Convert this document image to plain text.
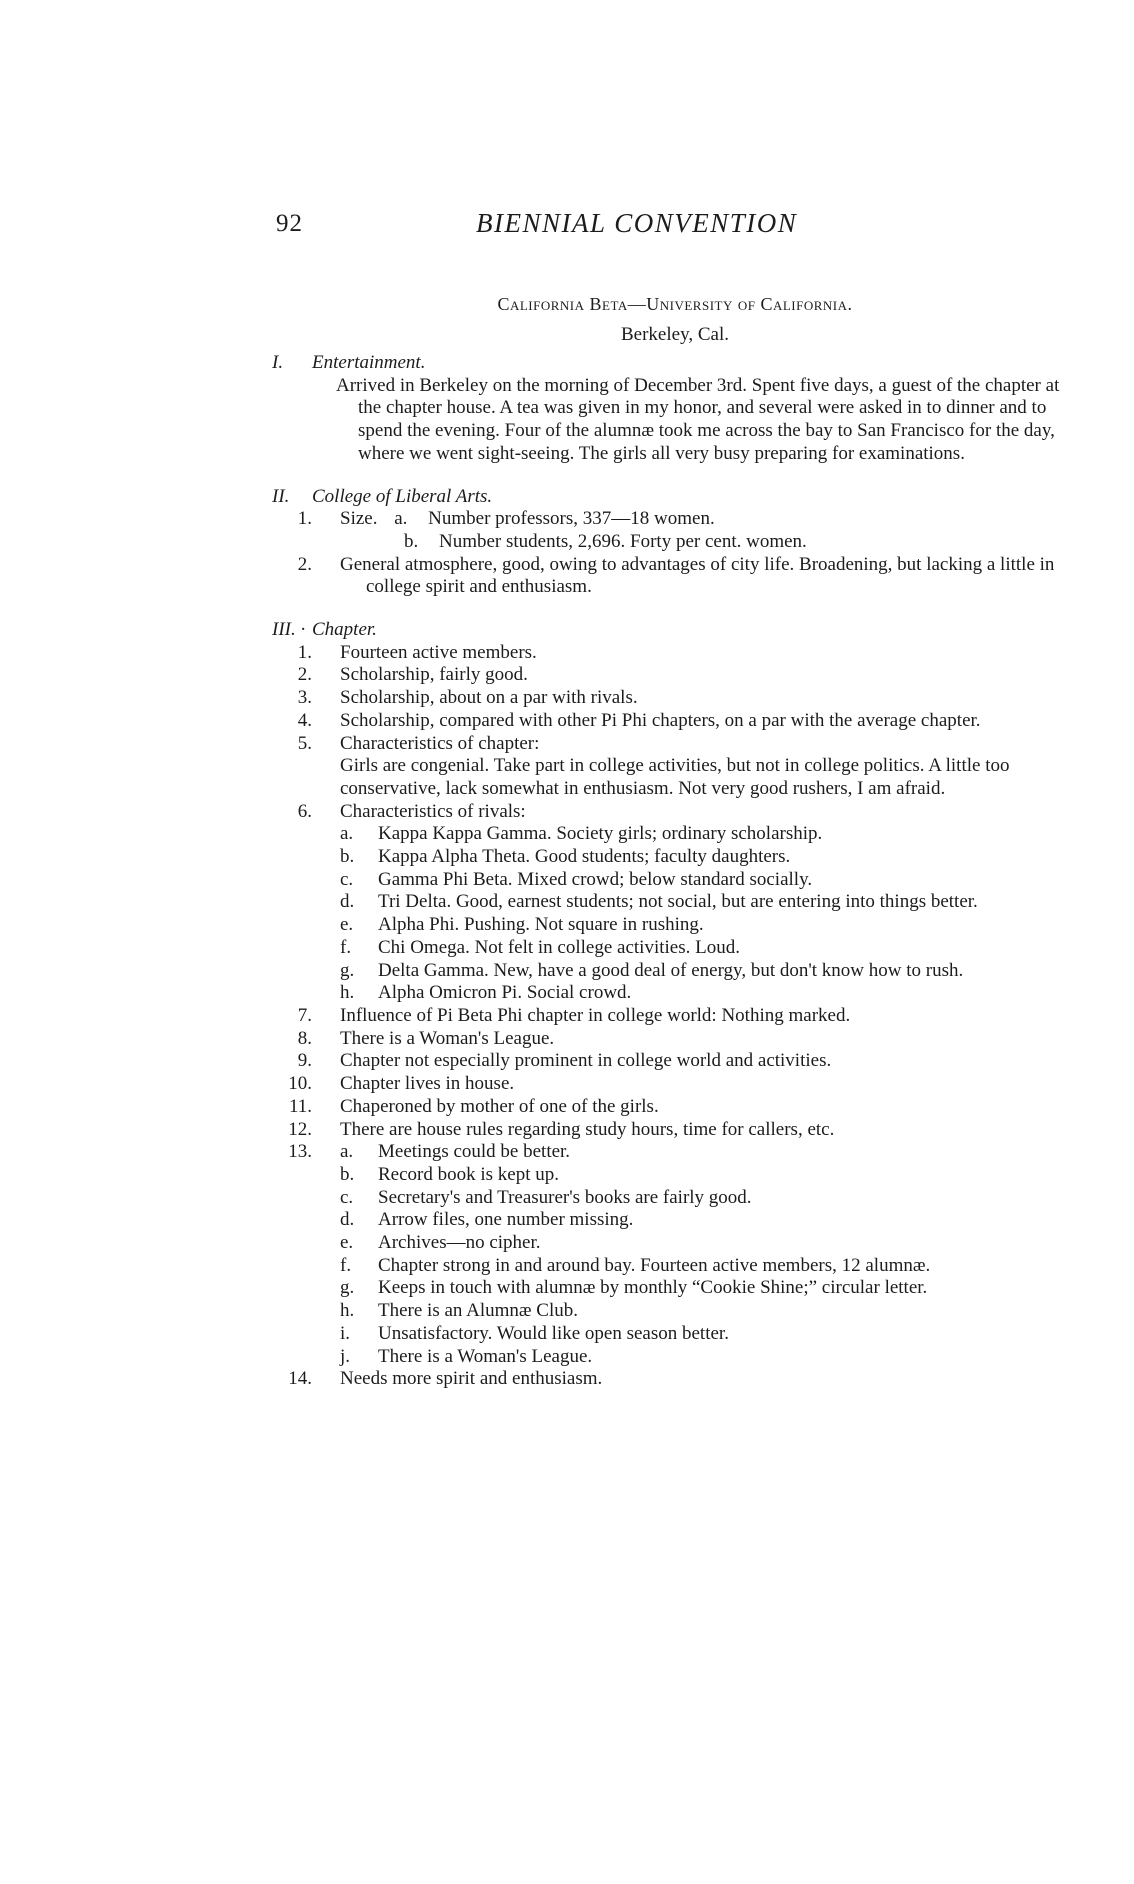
92	BIENNIAL CONVENTION
California Beta—University of California.
Berkeley, Cal.
I. Entertainment.
Arrived in Berkeley on the morning of December 3rd. Spent five days, a guest of the chapter at the chapter house. A tea was given in my honor, and several were asked in to dinner and to spend the evening. Four of the alumnæ took me across the bay to San Francisco for the day, where we went sight-seeing. The girls all very busy preparing for examinations.
II. College of Liberal Arts.
1. Size. a. Number professors, 337—18 women.
b. Number students, 2,696. Forty per cent. women.
2. General atmosphere, good, owing to advantages of city life. Broadening, but lacking a little in college spirit and enthusiasm.
III. · Chapter.
1. Fourteen active members.
2. Scholarship, fairly good.
3. Scholarship, about on a par with rivals.
4. Scholarship, compared with other Pi Phi chapters, on a par with the average chapter.
5. Characteristics of chapter:
Girls are congenial. Take part in college activities, but not in college politics. A little too conservative, lack somewhat in enthusiasm. Not very good rushers, I am afraid.
6. Characteristics of rivals:
a.	Kappa Kappa Gamma. Society girls; ordinary scholarship.
b.	Kappa Alpha Theta. Good students; faculty daughters.
c.	Gamma Phi Beta. Mixed crowd; below standard socially.
d.	Tri Delta. Good, earnest students; not social, but are entering into things better.
e.	Alpha Phi. Pushing. Not square in rushing.
f.	Chi Omega. Not felt in college activities. Loud.
g.	Delta Gamma. New, have a good deal of energy, but don't know how to rush.
h.	Alpha Omicron Pi. Social crowd.
7. Influence of Pi Beta Phi chapter in college world: Nothing marked.
8. There is a Woman's League.
9. Chapter not especially prominent in college world and activities.
10. Chapter lives in house.
11. Chaperoned by mother of one of the girls.
12. There are house rules regarding study hours, time for callers, etc.
13. a.	Meetings could be better.
b.	Record book is kept up.
c.	Secretary's and Treasurer's books are fairly good.
d.	Arrow files, one number missing.
e.	Archives—no cipher.
f.	Chapter strong in and around bay. Fourteen active members, 12 alumnæ.
g.	Keeps in touch with alumnæ by monthly “Cookie Shine;” circular letter.
h.	There is an Alumnæ Club.
i.	Unsatisfactory. Would like open season better.
j.	There is a Woman's League.
14. Needs more spirit and enthusiasm.
